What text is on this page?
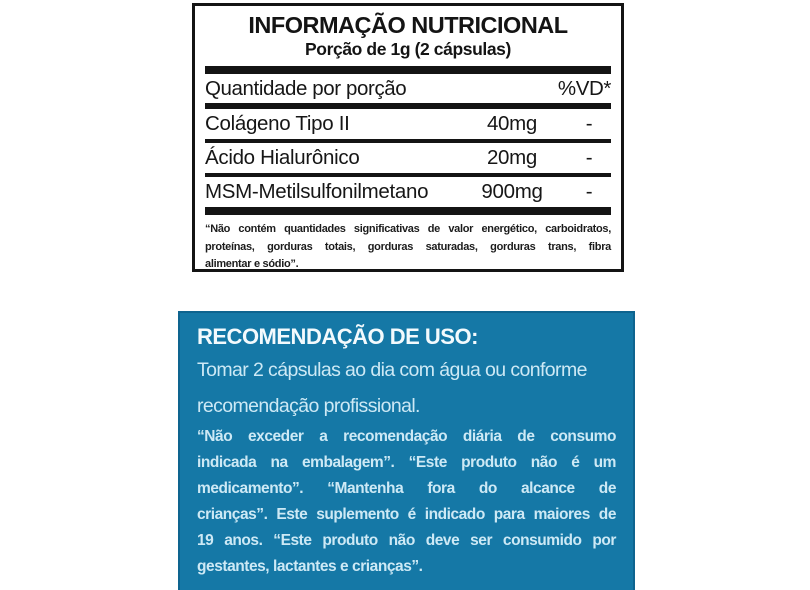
INFORMAÇÃO NUTRICIONAL
Porção de 1g (2 cápsulas)
Quantidade por porção	%VD*
Colágeno Tipo II	40mg	-
Ácido Hialurônico	20mg	-
MSM-Metilsulfonilmetano	900mg	-
“Não contém quantidades significativas de valor energético, carboidratos,
proteínas, gorduras totais, gorduras saturadas, gorduras trans, fibra
alimentar e sódio”.
RECOMENDAÇÃO DE USO:
Tomar 2 cápsulas ao dia com água ou conforme
recomendação profissional.
“Não exceder a recomendação diária de consumo
indicada na embalagem”. “Este produto não é um
medicamento”. “Mantenha fora do alcance de
crianças”. Este suplemento é indicado para maiores de
19 anos. “Este produto não deve ser consumido por
gestantes, lactantes e crianças”.
